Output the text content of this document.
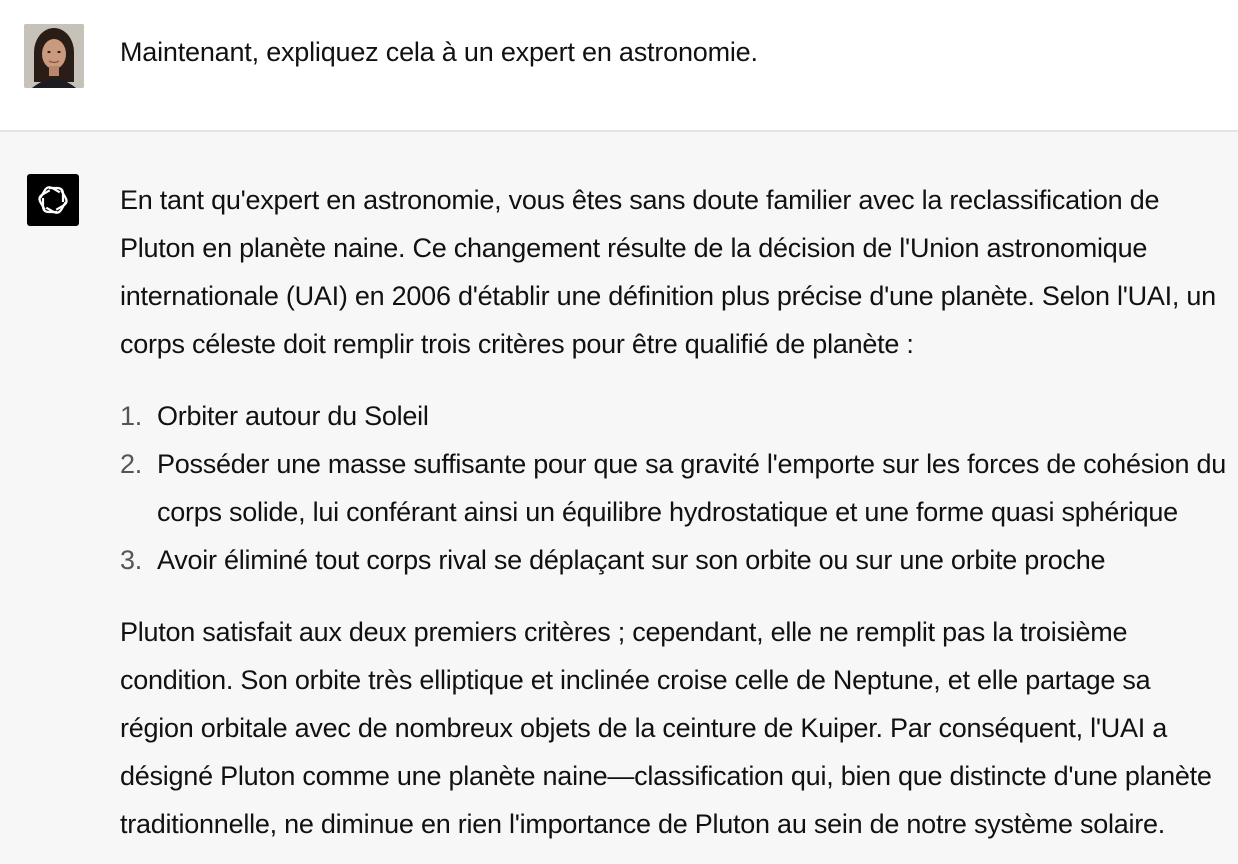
Maintenant, expliquez cela à un expert en astronomie.

En tant qu'expert en astronomie, vous êtes sans doute familier avec la reclassification de
Pluton en planète naine. Ce changement résulte de la décision de l'Union astronomique
internationale (UAI) en 2006 d'établir une définition plus précise d'une planète. Selon l'UAI, un
corps céleste doit remplir trois critères pour être qualifié de planète :

1. Orbiter autour du Soleil
2. Posséder une masse suffisante pour que sa gravité l'emporte sur les forces de cohésion du
corps solide, lui conférant ainsi un équilibre hydrostatique et une forme quasi sphérique
3. Avoir éliminé tout corps rival se déplaçant sur son orbite ou sur une orbite proche

Pluton satisfait aux deux premiers critères ; cependant, elle ne remplit pas la troisième
condition. Son orbite très elliptique et inclinée croise celle de Neptune, et elle partage sa
région orbitale avec de nombreux objets de la ceinture de Kuiper. Par conséquent, l'UAI a
désigné Pluton comme une planète naine—classification qui, bien que distincte d'une planète
traditionnelle, ne diminue en rien l'importance de Pluton au sein de notre système solaire.
